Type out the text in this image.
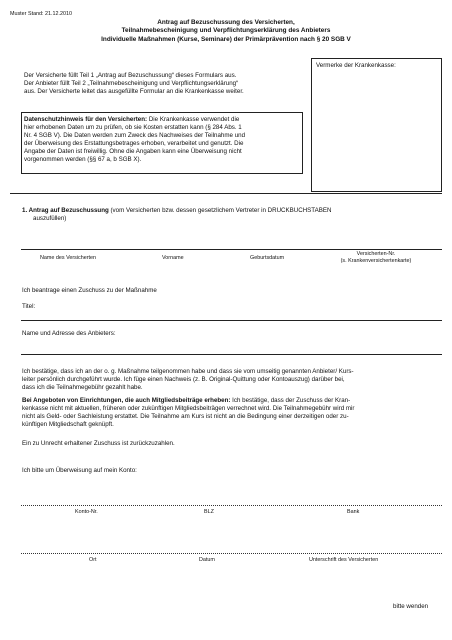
Muster Stand: 21.12.2010
Antrag auf Bezuschussung des Versicherten,
Teilnahmebescheinigung und Verpflichtungserklärung des Anbieters
Individuelle Maßnahmen (Kurse, Seminare) der Primärprävention nach § 20 SGB V
Vermerke der Krankenkasse:
Der Versicherte füllt Teil 1 „Antrag auf Bezuschussung“ dieses Formulars aus.
Der Anbieter füllt Teil 2 „Teilnahmebescheinigung und Verpflichtungserklärung“
aus. Der Versicherte leitet das ausgefüllte Formular an die Krankenkasse weiter.
Datenschutzhinweis für den Versicherten: Die Krankenkasse verwendet die
hier erhobenen Daten um zu prüfen, ob sie Kosten erstatten kann (§ 284 Abs. 1
Nr. 4 SGB V). Die Daten werden zum Zweck des Nachweises der Teilnahme und
der Überweisung des Erstattungsbetrages erhoben, verarbeitet und genutzt. Die
Angabe der Daten ist freiwillig. Ohne die Angaben kann eine Überweisung nicht
vorgenommen werden (§§ 67 a, b SGB X).
1. Antrag auf Bezuschussung (vom Versicherten bzw. dessen gesetzlichem Vertreter in DRUCKBUCHSTABEN
auszufüllen)
Name des Versicherten	Vorname	Geburtsdatum
Versicherten-Nr.
(s. Krankenversichertenkarte)
Ich beantrage einen Zuschuss zu der Maßnahme
Titel:
Name und Adresse des Anbieters:
Ich bestätige, dass ich an der o. g. Maßnahme teilgenommen habe und dass sie vom umseitig genannten Anbieter/ Kurs-
leiter persönlich durchgeführt wurde. Ich füge einen Nachweis (z. B. Original-Quittung oder Kontoauszug) darüber bei,
dass ich die Teilnahmegebühr gezahlt habe.
Bei Angeboten von Einrichtungen, die auch Mitgliedsbeiträge erheben: Ich bestätige, dass der Zuschuss der Kran-
kenkasse nicht mit aktuellen, früheren oder zukünftigen Mitgliedsbeiträgen verrechnet wird. Die Teilnahmegebühr wird mir
nicht als Geld- oder Sachleistung erstattet. Die Teilnahme am Kurs ist nicht an die Bedingung einer derzeitigen oder zu-
künftigen Mitgliedschaft geknüpft.
Ein zu Unrecht erhaltener Zuschuss ist zurückzuzahlen.
Ich bitte um Überweisung auf mein Konto:
Konto-Nr.	BLZ	Bank
Ort	Datum	Unterschrift des Versicherten
bitte wenden
